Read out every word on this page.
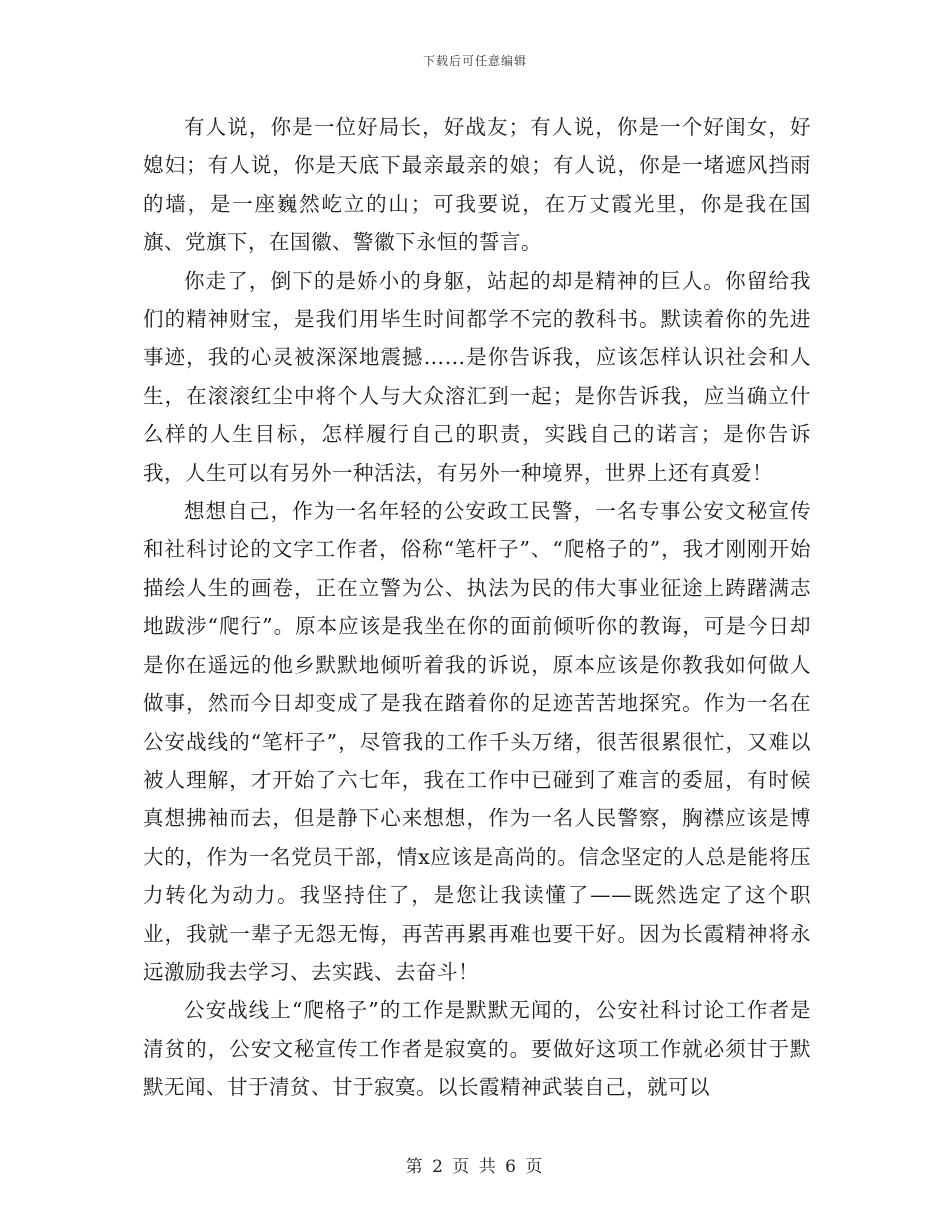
下载后可任意编辑

有人说，你是一位好局长，好战友；有人说，你是一个好闺女，好媳妇；有人说，你是天底下最亲最亲的娘；有人说，你是一堵遮风挡雨的墙，是一座巍然屹立的山；可我要说，在万丈霞光里，你是我在国旗、党旗下，在国徽、警徽下永恒的誓言。

你走了，倒下的是娇小的身躯，站起的却是精神的巨人。你留给我们的精神财宝，是我们用毕生时间都学不完的教科书。默读着你的先进事迹，我的心灵被深深地震撼……是你告诉我，应该怎样认识社会和人生，在滚滚红尘中将个人与大众溶汇到一起；是你告诉我，应当确立什么样的人生目标，怎样履行自己的职责，实践自己的诺言；是你告诉我，人生可以有另外一种活法，有另外一种境界，世界上还有真爱！

想想自己，作为一名年轻的公安政工民警，一名专事公安文秘宣传和社科讨论的文字工作者，俗称“笔杆子”、“爬格子的”，我才刚刚开始描绘人生的画卷，正在立警为公、执法为民的伟大事业征途上踌躇满志地跋涉“爬行”。原本应该是我坐在你的面前倾听你的教诲，可是今日却是你在遥远的他乡默默地倾听着我的诉说，原本应该是你教我如何做人做事，然而今日却变成了是我在踏着你的足迹苦苦地探究。作为一名在公安战线的“笔杆子”，尽管我的工作千头万绪，很苦很累很忙，又难以被人理解，才开始了六七年，我在工作中已碰到了难言的委屈，有时候真想拂袖而去，但是静下心来想想，作为一名人民警察，胸襟应该是博大的，作为一名党员干部，情x应该是高尚的。信念坚定的人总是能将压力转化为动力。我坚持住了，是您让我读懂了——既然选定了这个职业，我就一辈子无怨无悔，再苦再累再难也要干好。因为长霞精神将永远激励我去学习、去实践、去奋斗！

公安战线上“爬格子”的工作是默默无闻的，公安社科讨论工作者是清贫的，公安文秘宣传工作者是寂寞的。要做好这项工作就必须甘于默默无闻、甘于清贫、甘于寂寞。以长霞精神武装自己，就可以

第 2 页 共 6 页
